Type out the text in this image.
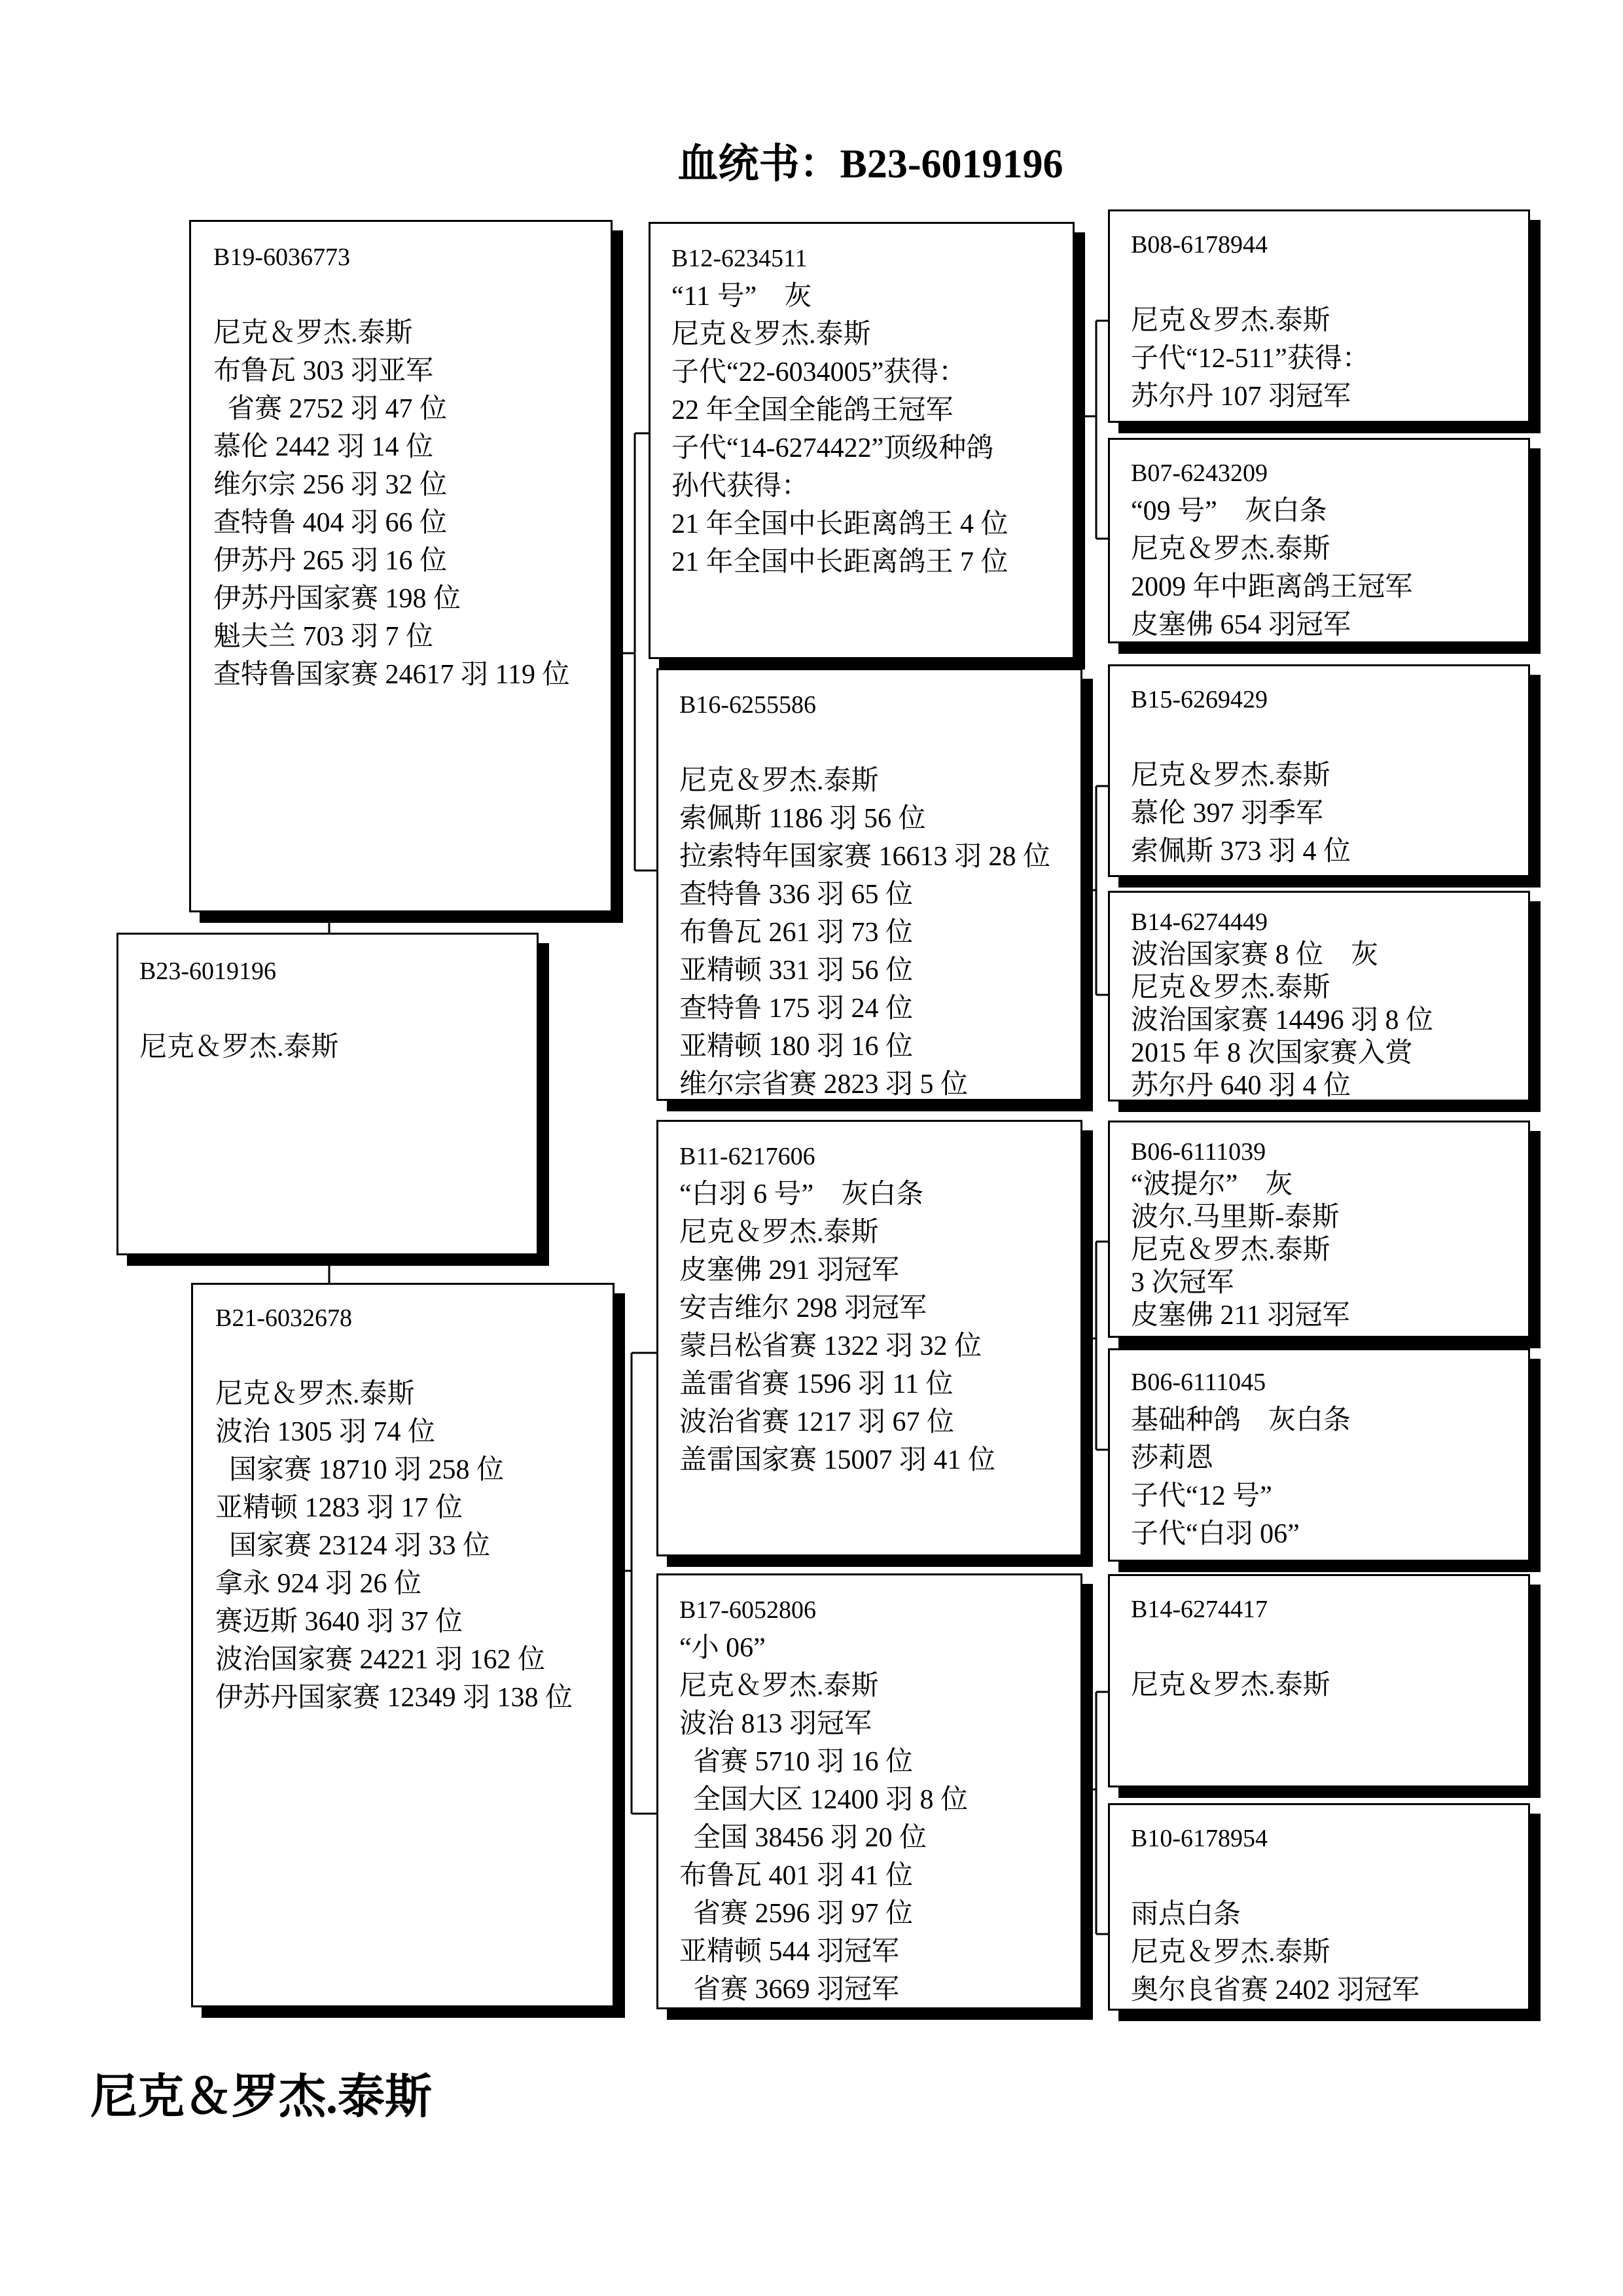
血统书：B23-6019196
B23-6019196
尼克＆罗杰.泰斯
B19-6036773
尼克＆罗杰.泰斯
布鲁瓦 303 羽亚军
省赛 2752 羽 47 位
慕伦 2442 羽 14 位
维尔宗 256 羽 32 位
查特鲁 404 羽 66 位
伊苏丹 265 羽 16 位
伊苏丹国家赛 198 位
魁夫兰 703 羽 7 位
查特鲁国家赛 24617 羽 119 位
B21-6032678
尼克＆罗杰.泰斯
波治 1305 羽 74 位
国家赛 18710 羽 258 位
亚精顿 1283 羽 17 位
国家赛 23124 羽 33 位
拿永 924 羽 26 位
赛迈斯 3640 羽 37 位
波治国家赛 24221 羽 162 位
伊苏丹国家赛 12349 羽 138 位
B12-6234511
“11 号”    灰
尼克＆罗杰.泰斯
子代“22-6034005”获得：
22 年全国全能鸽王冠军
子代“14-6274422”顶级种鸽
孙代获得：
21 年全国中长距离鸽王 4 位
21 年全国中长距离鸽王 7 位
B16-6255586
尼克＆罗杰.泰斯
索佩斯 1186 羽 56 位
拉索特年国家赛 16613 羽 28 位
查特鲁 336 羽 65 位
布鲁瓦 261 羽 73 位
亚精顿 331 羽 56 位
查特鲁 175 羽 24 位
亚精顿 180 羽 16 位
维尔宗省赛 2823 羽 5 位
B11-6217606
“白羽 6 号”    灰白条
尼克＆罗杰.泰斯
皮塞佛 291 羽冠军
安吉维尔 298 羽冠军
蒙吕松省赛 1322 羽 32 位
盖雷省赛 1596 羽 11 位
波治省赛 1217 羽 67 位
盖雷国家赛 15007 羽 41 位
B17-6052806
“小 06”
尼克＆罗杰.泰斯
波治 813 羽冠军
省赛 5710 羽 16 位
全国大区 12400 羽 8 位
全国 38456 羽 20 位
布鲁瓦 401 羽 41 位
省赛 2596 羽 97 位
亚精顿 544 羽冠军
省赛 3669 羽冠军
B08-6178944
尼克＆罗杰.泰斯
子代“12-511”获得：
苏尔丹 107 羽冠军
B07-6243209
“09 号”    灰白条
尼克＆罗杰.泰斯
2009 年中距离鸽王冠军
皮塞佛 654 羽冠军
B15-6269429
尼克＆罗杰.泰斯
慕伦 397 羽季军
索佩斯 373 羽 4 位
B14-6274449
波治国家赛 8 位    灰
尼克＆罗杰.泰斯
波治国家赛 14496 羽 8 位
2015 年 8 次国家赛入赏
苏尔丹 640 羽 4 位
B06-6111039
“波提尔”    灰
波尔.马里斯-泰斯
尼克＆罗杰.泰斯
3 次冠军
皮塞佛 211 羽冠军
B06-6111045
基础种鸽    灰白条
莎莉恩
子代“12 号”
子代“白羽 06”
B14-6274417
尼克＆罗杰.泰斯
B10-6178954
雨点白条
尼克＆罗杰.泰斯
奥尔良省赛 2402 羽冠军
尼克＆罗杰.泰斯
